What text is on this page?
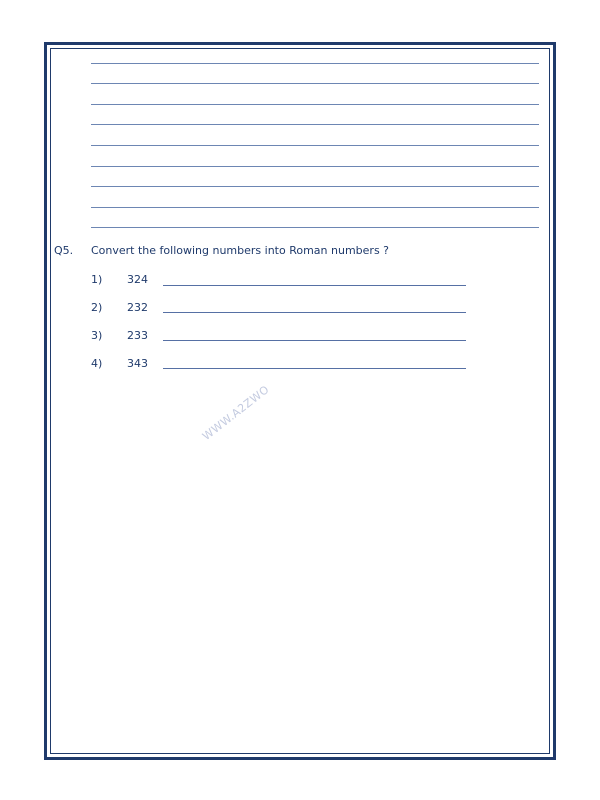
Q5. Convert the following numbers into Roman numbers ?
1) 324
2) 232
3) 233
4) 343
WWW.A2ZWO
